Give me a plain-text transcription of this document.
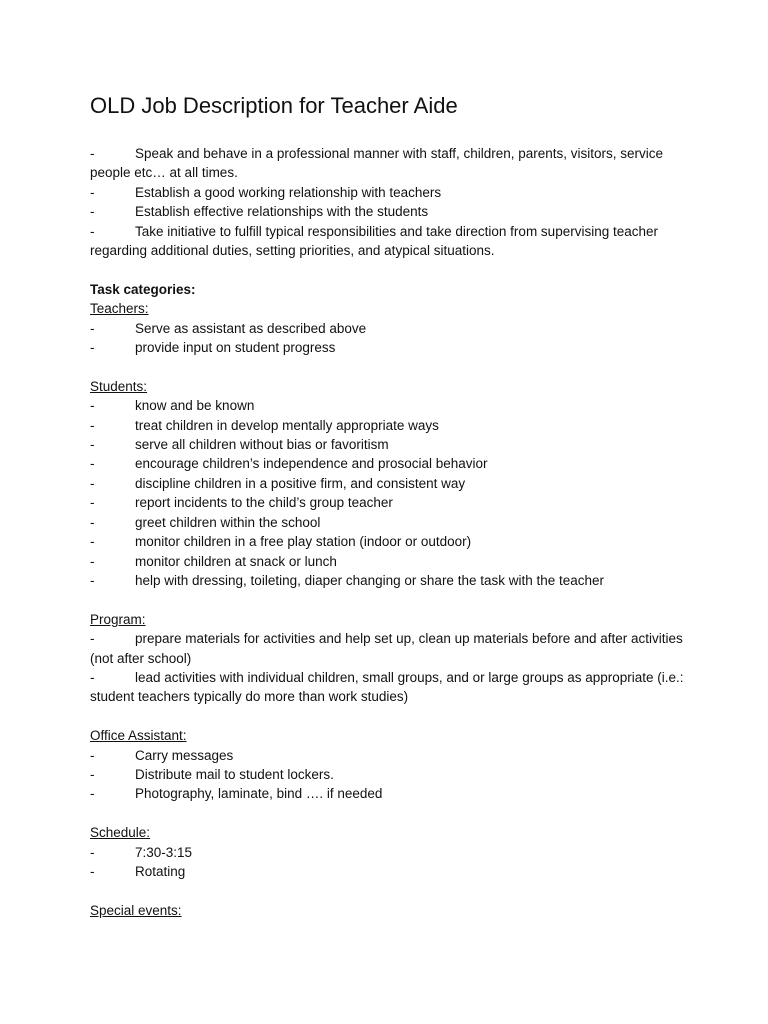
OLD Job Description for Teacher Aide
-	Speak and behave in a professional manner with staff, children, parents, visitors, service people etc… at all times.
-	Establish a good working relationship with teachers
-	Establish effective relationships with the students
-	Take initiative to fulfill typical responsibilities and take direction from supervising teacher regarding additional duties, setting priorities, and atypical situations.
Task categories:
Teachers:
-	Serve as assistant as described above
-	provide input on student progress
Students:
-	know and be known
-	treat children in develop mentally appropriate ways
-	serve all children without bias or favoritism
-	encourage children’s independence and prosocial behavior
-	discipline children in a positive firm, and consistent way
-	report incidents to the child’s group teacher
-	greet children within the school
-	monitor children in a free play station (indoor or outdoor)
-	monitor children at snack or lunch
-	help with dressing, toileting, diaper changing or share the task with the teacher
Program:
-	prepare materials for activities and help set up, clean up materials before and after activities (not after school)
-	lead activities with individual children, small groups, and or large groups as appropriate (i.e.: student teachers typically do more than work studies)
Office Assistant:
-	Carry messages
-	Distribute mail to student lockers.
-	Photography, laminate, bind …. if needed
Schedule:
-	7:30-3:15
-	Rotating
Special events:
